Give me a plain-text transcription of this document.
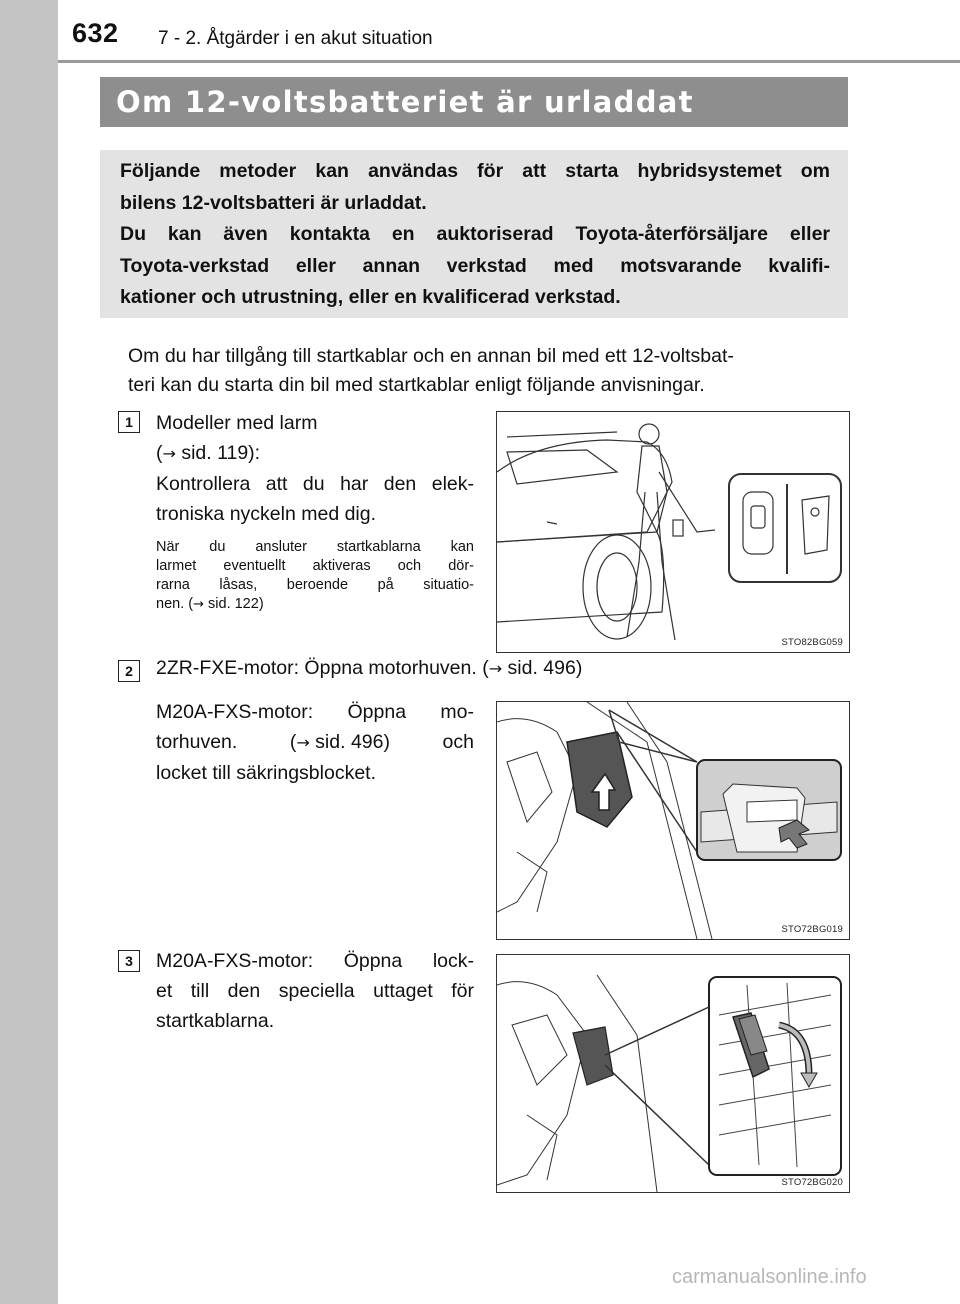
632 7 - 2. Åtgärder i en akut situation
Om 12-voltsbatteriet är urladdat
Följande metoder kan användas för att starta hybridsystemet om
bilens 12-voltsbatteri är urladdat.
Du kan även kontakta en auktoriserad Toyota-återförsäljare eller
Toyota-verkstad eller annan verkstad med motsvarande kvalifi-
kationer och utrustning, eller en kvalificerad verkstad.
Om du har tillgång till startkablar och en annan bil med ett 12-voltsbat-
teri kan du starta din bil med startkablar enligt följande anvisningar.
1	Modeller med larm
(→ sid. 119):
Kontrollera att du har den elek-
troniska nyckeln med dig.
När du ansluter startkablarna kan
larmet eventuellt aktiveras och dör-
rarna låsas, beroende på situatio-
nen. (→ sid. 122)
STO82BG059
2	2ZR-FXE-motor: Öppna motorhuven. (→ sid. 496)
M20A-FXS-motor: Öppna mo-
torhuven.	(→ sid. 496)	och
locket till säkringsblocket.
STO72BG019
3	M20A-FXS-motor: Öppna lock-
et till den speciella uttaget för
startkablarna.
STO72BG020
carmanualsonline.info
